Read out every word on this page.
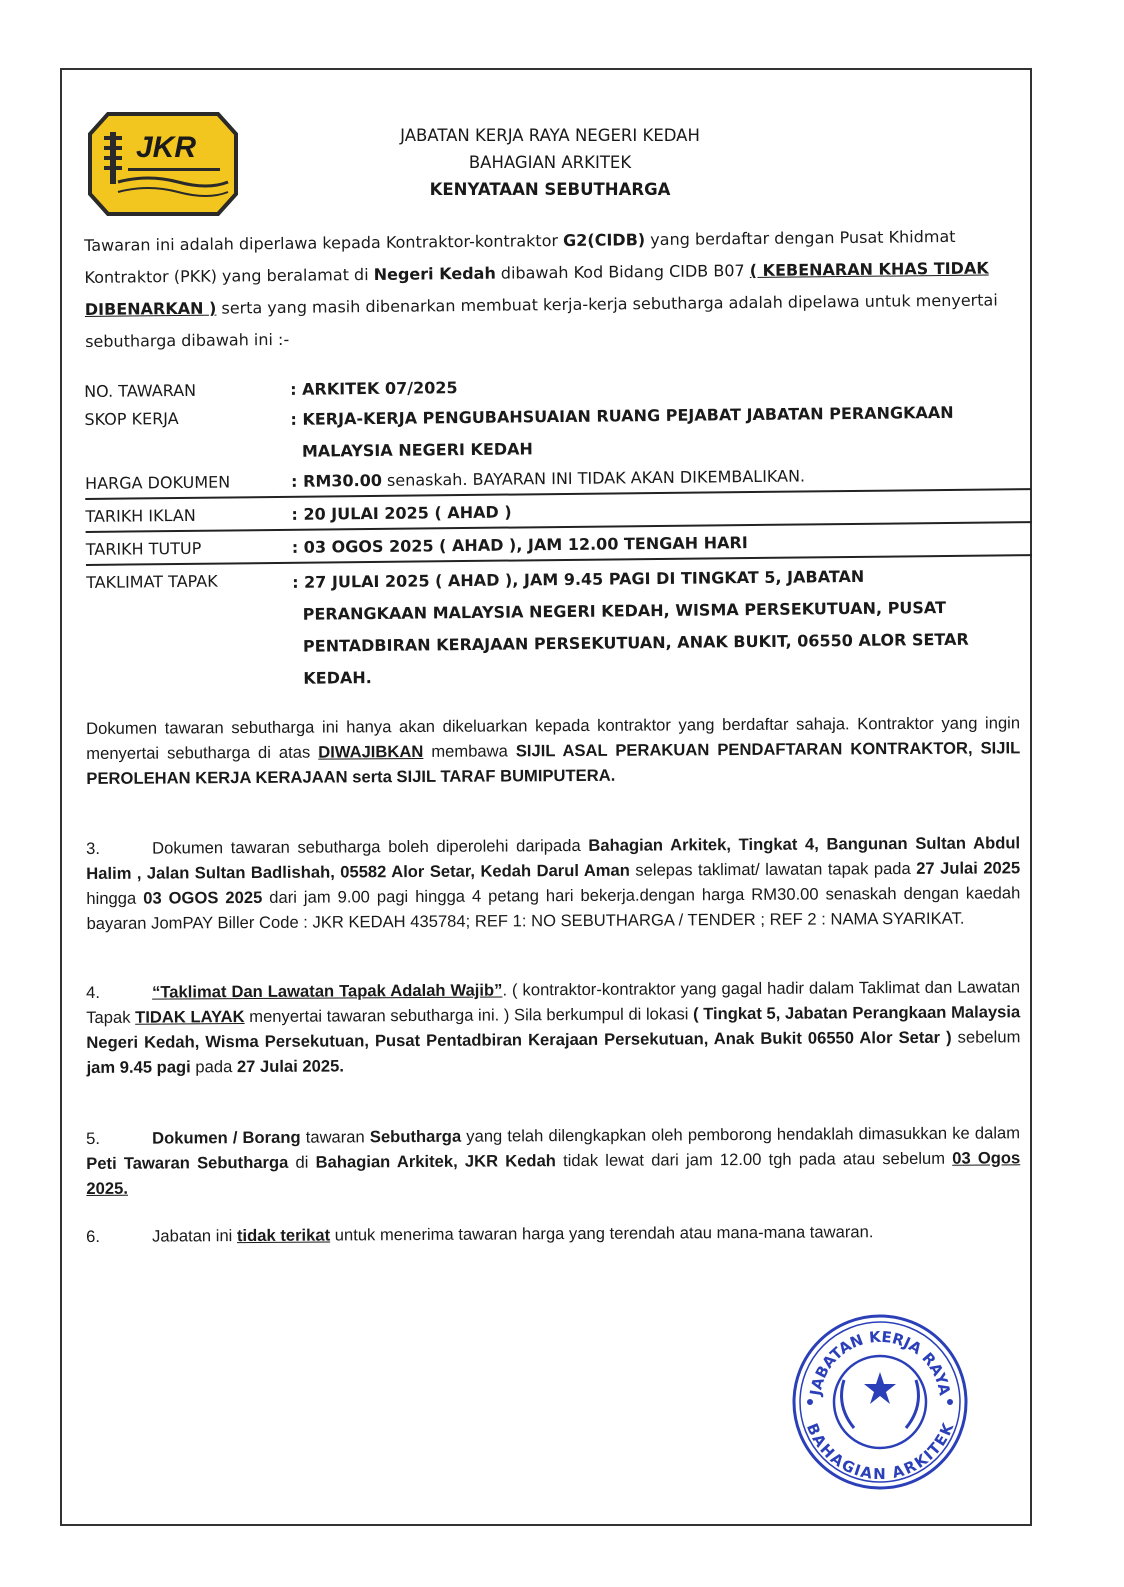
JKR	JABATAN KERJA RAYA NEGERI KEDAH
BAHAGIAN ARKITEK
KENYATAAN SEBUTHARGA
Tawaran ini adalah diperlawa kepada Kontraktor-kontraktor G2(CIDB) yang berdaftar dengan Pusat Khidmat Kontraktor (PKK) yang beralamat di Negeri Kedah dibawah Kod Bidang CIDB B07 ( KEBENARAN KHAS TIDAK DIBENARKAN ) serta yang masih dibenarkan membuat kerja-kerja sebutharga adalah dipelawa untuk menyertai sebutharga dibawah ini :-
NO. TAWARAN	: ARKITEK 07/2025
SKOP KERJA	: KERJA-KERJA PENGUBAHSUAIAN RUANG PEJABAT JABATAN PERANGKAAN
MALAYSIA NEGERI KEDAH
HARGA DOKUMEN	: RM30.00 senaskah. BAYARAN INI TIDAK AKAN DIKEMBALIKAN.
TARIKH IKLAN	: 20 JULAI 2025 ( AHAD )
TARIKH TUTUP	: 03 OGOS 2025 ( AHAD ), JAM 12.00 TENGAH HARI
TAKLIMAT TAPAK	: 27 JULAI 2025 ( AHAD ), JAM 9.45 PAGI DI TINGKAT 5, JABATAN
PERANGKAAN MALAYSIA NEGERI KEDAH, WISMA PERSEKUTUAN, PUSAT
PENTADBIRAN KERAJAAN PERSEKUTUAN, ANAK BUKIT, 06550 ALOR SETAR
KEDAH.
Dokumen tawaran sebutharga ini hanya akan dikeluarkan kepada kontraktor yang berdaftar sahaja. Kontraktor yang ingin menyertai sebutharga di atas DIWAJIBKAN membawa SIJIL ASAL PERAKUAN PENDAFTARAN KONTRAKTOR, SIJIL PEROLEHAN KERJA KERAJAAN serta SIJIL TARAF BUMIPUTERA.
3.	Dokumen tawaran sebutharga boleh diperolehi daripada Bahagian Arkitek, Tingkat 4, Bangunan Sultan Abdul Halim , Jalan Sultan Badlishah, 05582 Alor Setar, Kedah Darul Aman selepas taklimat/ lawatan tapak pada 27 Julai 2025 hingga 03 OGOS 2025 dari jam 9.00 pagi hingga 4 petang hari bekerja.dengan harga RM30.00 senaskah dengan kaedah bayaran JomPAY Biller Code : JKR KEDAH 435784; REF 1: NO SEBUTHARGA / TENDER ; REF 2 : NAMA SYARIKAT.
4.	“Taklimat Dan Lawatan Tapak Adalah Wajib”. ( kontraktor-kontraktor yang gagal hadir dalam Taklimat dan Lawatan Tapak TIDAK LAYAK menyertai tawaran sebutharga ini. ) Sila berkumpul di lokasi ( Tingkat 5, Jabatan Perangkaan Malaysia Negeri Kedah, Wisma Persekutuan, Pusat Pentadbiran Kerajaan Persekutuan, Anak Bukit 06550 Alor Setar ) sebelum jam 9.45 pagi pada 27 Julai 2025.
5.	Dokumen / Borang tawaran Sebutharga yang telah dilengkapkan oleh pemborong hendaklah dimasukkan ke dalam Peti Tawaran Sebutharga di Bahagian Arkitek, JKR Kedah tidak lewat dari jam 12.00 tgh pada atau sebelum 03 Ogos 2025.
6.	Jabatan ini tidak terikat untuk menerima tawaran harga yang terendah atau mana-mana tawaran.
JABATAN KERJA RAYA
BAHAGIAN ARKITEK
